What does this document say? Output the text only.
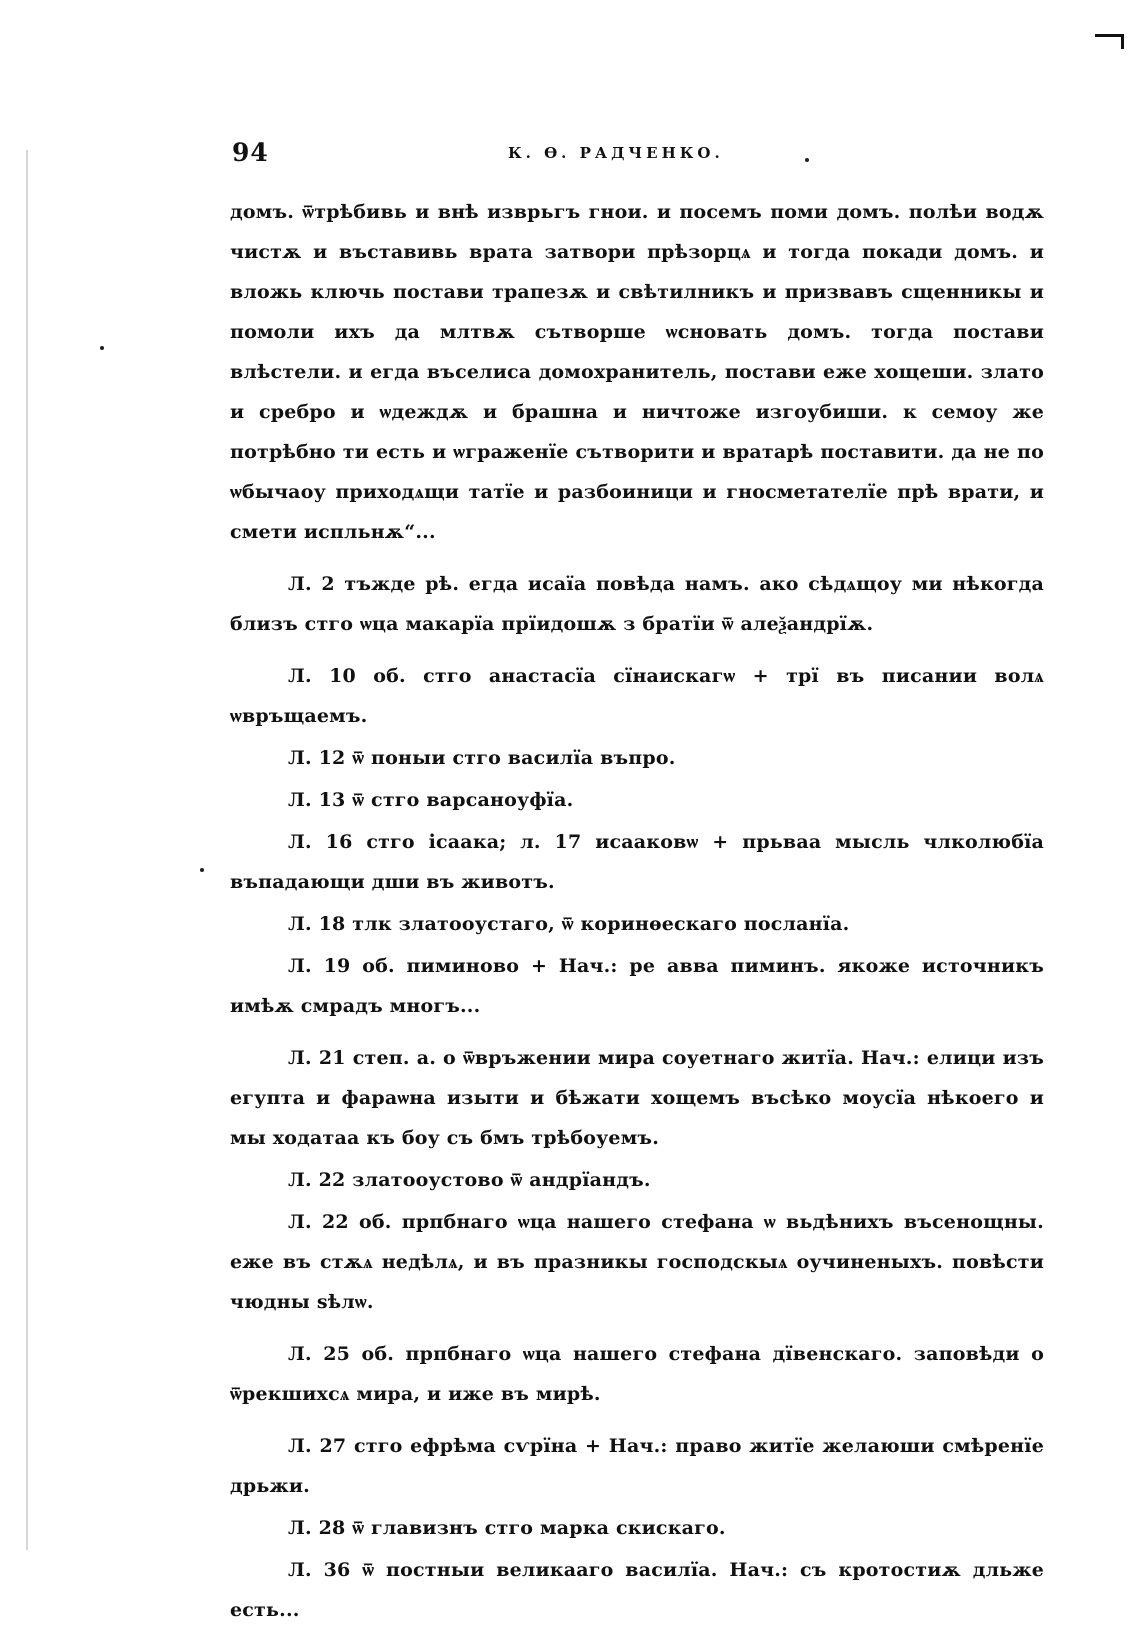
94	К. Ѳ. РАДЧЕНКО.

домъ. ѿтрѣбивь и внѣ изврьгъ гнои. и посемъ поми домъ. полѣи водѫ чистѫ и въставивь врата затвори прѣзорцѧ и тогда покади домъ. и вложь ключь постави трапезѫ и свѣтилникъ и призвавъ сщенникы и помоли ихъ да млтвѫ сътворше ѡсновать домъ. тогда постави влѣстели. и егда въселиса домохранитель, постави еже хощеши. злато и сребро и ѡдеждѫ и брашна и ничтоже изгоубиши. к семоу же потрѣбно ти есть и ѡграженїе сътворити и вратарѣ поставити. да не по ѡбычаоу приходѧщи татїе и разбоиници и гносметателїе прѣ врати, и смети испльнѫ“...

Л. 2 тъжде рѣ. егда исаїа повѣда намъ. ако сѣдѧщоу ми нѣкогда близъ стго ѡца макарїа прїидошѫ з братїи ѿ алеѯандрїѫ.

Л. 10 об. стго анастасїа сїнаискагѡ + трї въ писании волѧ ѡвръщаемъ.

Л. 12 ѿ поныи стго василїа въпро.

Л. 13 ѿ стго варсаноуфїа.

Л. 16 стго ісаака; л. 17 исааковѡ + прьваа мысль члколюбїа въпадающи дши въ животъ.

Л. 18 тлк златооустаго, ѿ коринѳескаго посланїа.

Л. 19 об. пиминово + Нач.: ре авва пиминъ. якоже источникъ имѣѫ смрадъ многъ...

Л. 21 степ. а. о ѿвръжении мира соуетнаго житїа. Нач.: елици изъ егупта и фараѡна изыти и бѣжати хощемъ въсѣко моусїа нѣкоего и мы ходатаа къ боу съ бмъ трѣбоуемъ.

Л. 22 златооустово ѿ андрїандъ.

Л. 22 об. прпбнаго ѡца нашего стефана ѡ вьдѣнихъ въсенощны. еже въ стѫѧ недѣлѧ, и въ празникы господскыѧ оучиненыхъ. повѣсти чюдны ѕѣлѡ.

Л. 25 об. прпбнаго ѡца нашего стефана дївенскаго. заповѣди о ѿрекшихсѧ мира, и иже въ мирѣ.

Л. 27 стго ефрѣма сѵрїна + Нач.: право житїе желаюши смѣренїе дрьжи.

Л. 28 ѿ главизнъ стго марка скискаго.

Л. 36 ѿ постныи великааго василїа. Нач.: съ кротостиѫ дльже есть...
